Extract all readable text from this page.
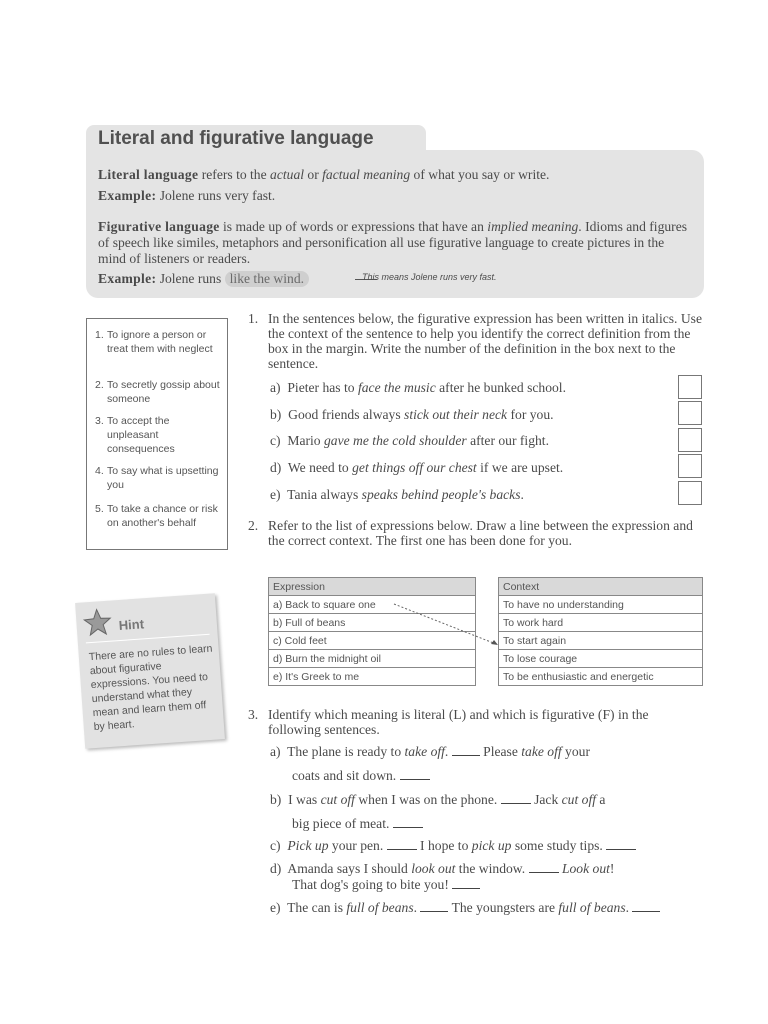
Literal and figurative language
Literal language refers to the actual or factual meaning of what you say or write.
Example: Jolene runs very fast.
Figurative language is made up of words or expressions that have an implied meaning. Idioms and figures of speech like similes, metaphors and personification all use figurative language to create pictures in the mind of listeners or readers.
Example: Jolene runs like the wind.	This means Jolene runs very fast.
1. To ignore a person or treat them with neglect
2. To secretly gossip about someone
3. To accept the unpleasant consequences
4. To say what is upsetting you
5. To take a chance or risk on another's behalf
Hint
There are no rules to learn about figurative expressions. You need to understand what they mean and learn them off by heart.
1. In the sentences below, the figurative expression has been written in italics. Use the context of the sentence to help you identify the correct definition from the box in the margin. Write the number of the definition in the box next to the sentence.
a) Pieter has to face the music after he bunked school.
b) Good friends always stick out their neck for you.
c) Mario gave me the cold shoulder after our fight.
d) We need to get things off our chest if we are upset.
e) Tania always speaks behind people's backs.
2. Refer to the list of expressions below. Draw a line between the expression and the correct context. The first one has been done for you.
Expression
a) Back to square one
b) Full of beans
c) Cold feet
d) Burn the midnight oil
e) It's Greek to me
Context
To have no understanding
To work hard
To start again
To lose courage
To be enthusiastic and energetic
3. Identify which meaning is literal (L) and which is figurative (F) in the following sentences.
a) The plane is ready to take off.  Please take off your
coats and sit down.
b) I was cut off when I was on the phone.  Jack cut off a
big piece of meat.
c) Pick up your pen.  I hope to pick up some study tips.
d) Amanda says I should look out the window.	Look out!
That dog's going to bite you!
e) The can is full of beans.  The youngsters are full of beans.
